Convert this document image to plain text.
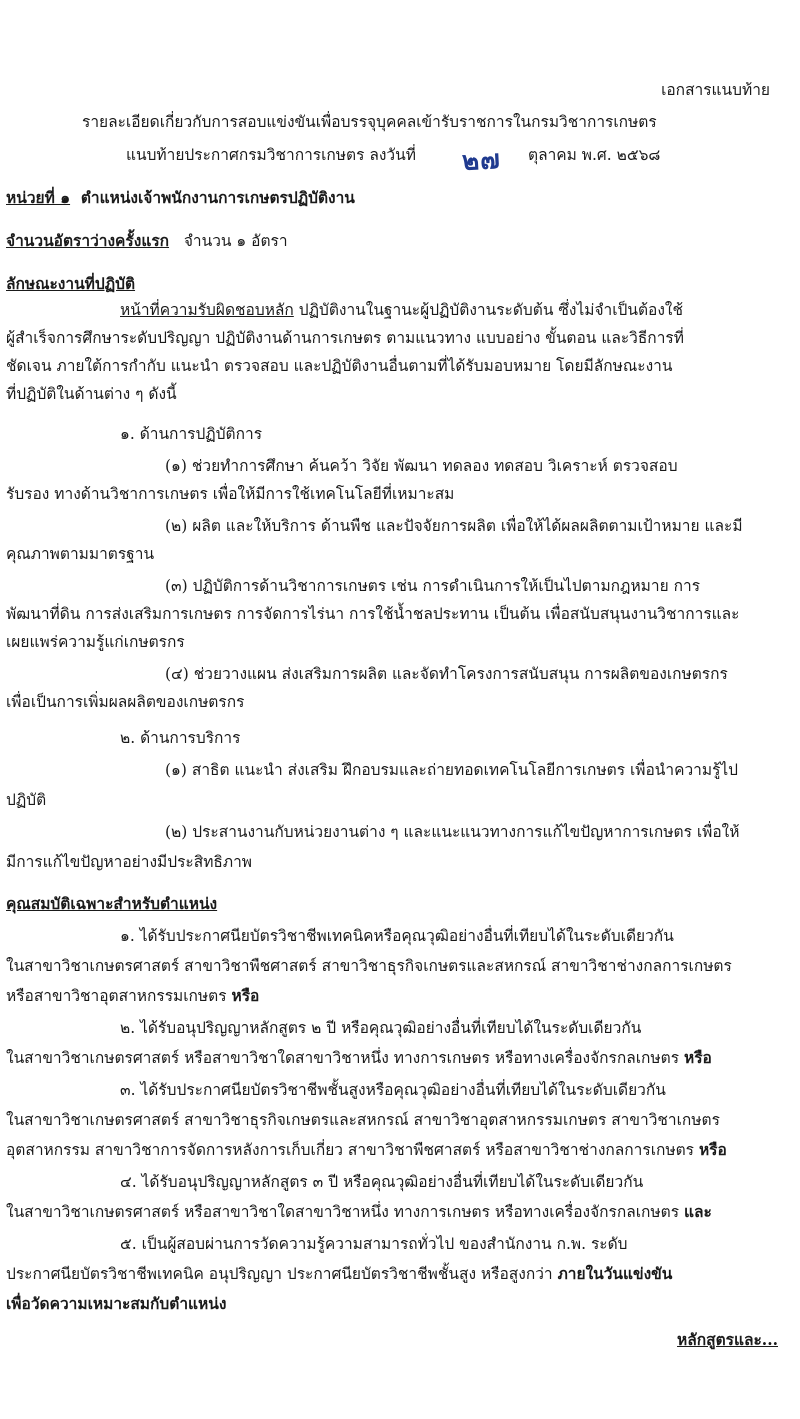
เอกสารแนบท้าย
รายละเอียดเกี่ยวกับการสอบแข่งขันเพื่อบรรจุบุคคลเข้ารับราชการในกรมวิชาการเกษตร
แนบท้ายประกาศกรมวิชาการเกษตร ลงวันที่ ๒๗ ตุลาคม พ.ศ. ๒๕๖๘
หน่วยที่ ๑ ตำแหน่งเจ้าพนักงานการเกษตรปฏิบัติงาน
จำนวนอัตราว่างครั้งแรก จำนวน ๑ อัตรา
ลักษณะงานที่ปฏิบัติ
หน้าที่ความรับผิดชอบหลัก ปฏิบัติงานในฐานะผู้ปฏิบัติงานระดับต้น ซึ่งไม่จำเป็นต้องใช้
ผู้สำเร็จการศึกษาระดับปริญญา ปฏิบัติงานด้านการเกษตร ตามแนวทาง แบบอย่าง ขั้นตอน และวิธีการที่
ชัดเจน ภายใต้การกำกับ แนะนำ ตรวจสอบ และปฏิบัติงานอื่นตามที่ได้รับมอบหมาย โดยมีลักษณะงาน
ที่ปฏิบัติในด้านต่าง ๆ ดังนี้
๑. ด้านการปฏิบัติการ
(๑) ช่วยทำการศึกษา ค้นคว้า วิจัย พัฒนา ทดลอง ทดสอบ วิเคราะห์ ตรวจสอบ
รับรอง ทางด้านวิชาการเกษตร เพื่อให้มีการใช้เทคโนโลยีที่เหมาะสม
(๒) ผลิต และให้บริการ ด้านพืช และปัจจัยการผลิต เพื่อให้ได้ผลผลิตตามเป้าหมาย และมี
คุณภาพตามมาตรฐาน
(๓) ปฏิบัติการด้านวิชาการเกษตร เช่น การดำเนินการให้เป็นไปตามกฎหมาย การ
พัฒนาที่ดิน การส่งเสริมการเกษตร การจัดการไร่นา การใช้น้ำชลประทาน เป็นต้น เพื่อสนับสนุนงานวิชาการและ
เผยแพร่ความรู้แก่เกษตรกร
(๔) ช่วยวางแผน ส่งเสริมการผลิต และจัดทำโครงการสนับสนุน การผลิตของเกษตรกร
เพื่อเป็นการเพิ่มผลผลิตของเกษตรกร
๒. ด้านการบริการ
(๑) สาธิต แนะนำ ส่งเสริม ฝึกอบรมและถ่ายทอดเทคโนโลยีการเกษตร เพื่อนำความรู้ไป
ปฏิบัติ
(๒) ประสานงานกับหน่วยงานต่าง ๆ และแนะแนวทางการแก้ไขปัญหาการเกษตร เพื่อให้
มีการแก้ไขปัญหาอย่างมีประสิทธิภาพ
คุณสมบัติเฉพาะสำหรับตำแหน่ง
๑. ได้รับประกาศนียบัตรวิชาชีพเทคนิคหรือคุณวุฒิอย่างอื่นที่เทียบได้ในระดับเดียวกัน
ในสาขาวิชาเกษตรศาสตร์ สาขาวิชาพืชศาสตร์ สาขาวิชาธุรกิจเกษตรและสหกรณ์ สาขาวิชาช่างกลการเกษตร
หรือสาขาวิชาอุตสาหกรรมเกษตร หรือ
๒. ได้รับอนุปริญญาหลักสูตร ๒ ปี หรือคุณวุฒิอย่างอื่นที่เทียบได้ในระดับเดียวกัน
ในสาขาวิชาเกษตรศาสตร์ หรือสาขาวิชาใดสาขาวิชาหนึ่ง ทางการเกษตร หรือทางเครื่องจักรกลเกษตร หรือ
๓. ได้รับประกาศนียบัตรวิชาชีพชั้นสูงหรือคุณวุฒิอย่างอื่นที่เทียบได้ในระดับเดียวกัน
ในสาขาวิชาเกษตรศาสตร์ สาขาวิชาธุรกิจเกษตรและสหกรณ์ สาขาวิชาอุตสาหกรรมเกษตร สาขาวิชาเกษตร
อุตสาหกรรม สาขาวิชาการจัดการหลังการเก็บเกี่ยว สาขาวิชาพืชศาสตร์ หรือสาขาวิชาช่างกลการเกษตร หรือ
๔. ได้รับอนุปริญญาหลักสูตร ๓ ปี หรือคุณวุฒิอย่างอื่นที่เทียบได้ในระดับเดียวกัน
ในสาขาวิชาเกษตรศาสตร์ หรือสาขาวิชาใดสาขาวิชาหนึ่ง ทางการเกษตร หรือทางเครื่องจักรกลเกษตร และ
๕. เป็นผู้สอบผ่านการวัดความรู้ความสามารถทั่วไป ของสำนักงาน ก.พ. ระดับ
ประกาศนียบัตรวิชาชีพเทคนิค อนุปริญญา ประกาศนียบัตรวิชาชีพชั้นสูง หรือสูงกว่า ภายในวันแข่งขัน
เพื่อวัดความเหมาะสมกับตำแหน่ง
หลักสูตรและ...
